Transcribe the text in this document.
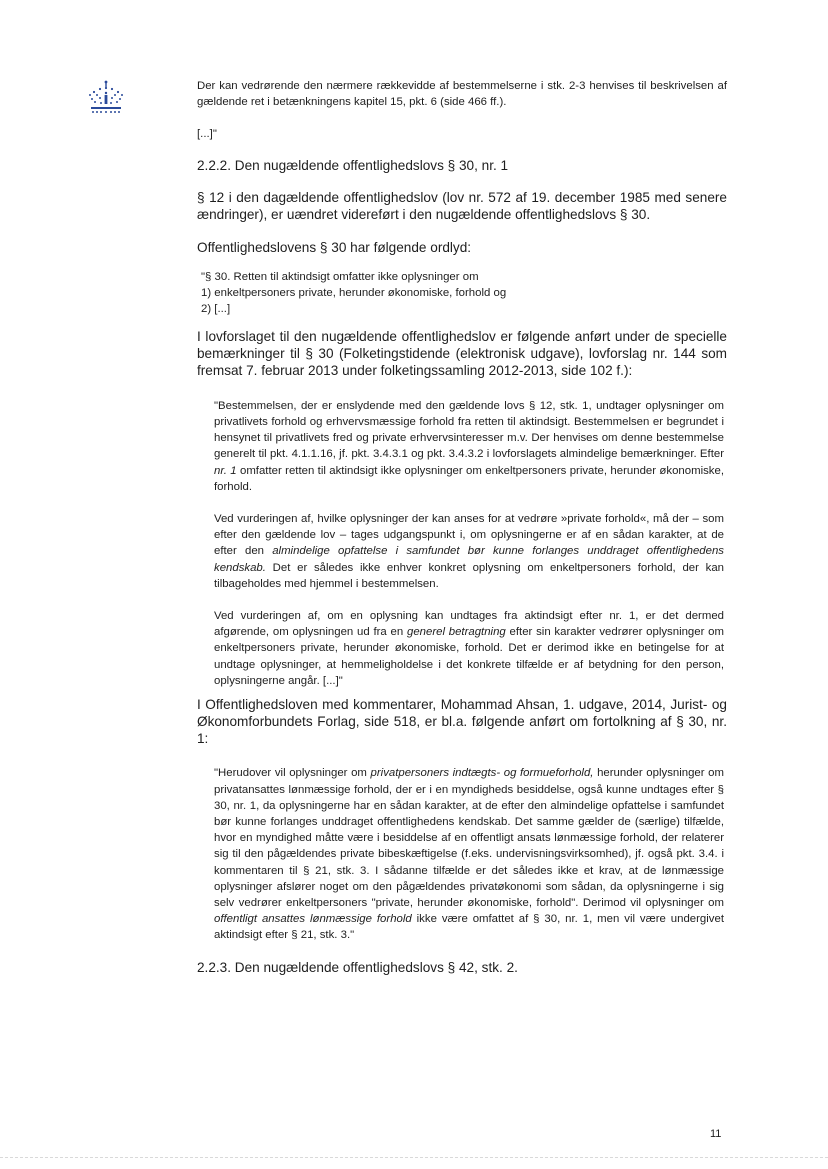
Der kan vedrørende den nærmere rækkevidde af bestemmelserne i stk. 2-3 henvises til beskrivelsen af gældende ret i betænkningens kapitel 15, pkt. 6 (side 466 ff.).

[...]"

2.2.2. Den nugældende offentlighedslovs § 30, nr. 1

§ 12 i den dagældende offentlighedslov (lov nr. 572 af 19. december 1985 med senere ændringer), er uændret videreført i den nugældende offentlighedslovs § 30.

Offentlighedslovens § 30 har følgende ordlyd:

"§ 30. Retten til aktindsigt omfatter ikke oplysninger om

1) enkeltpersoners private, herunder økonomiske, forhold og

2) [...]

I lovforslaget til den nugældende offentlighedslov er følgende anført under de specielle bemærkninger til § 30 (Folketingstidende (elektronisk udgave), lovforslag nr. 144 som fremsat 7. februar 2013 under folketingssamling 2012-2013, side 102 f.):

"Bestemmelsen, der er enslydende med den gældende lovs § 12, stk. 1, undtager oplysninger om privatlivets forhold og erhvervsmæssige forhold fra retten til aktindsigt. Bestemmelsen er begrundet i hensynet til privatlivets fred og private erhvervsinteresser m.v. Der henvises om denne bestemmelse generelt til pkt. 4.1.1.16, jf. pkt. 3.4.3.1 og pkt. 3.4.3.2 i lovforslagets almindelige bemærkninger. Efter nr. 1 omfatter retten til aktindsigt ikke oplysninger om enkeltpersoners private, herunder økonomiske, forhold.

Ved vurderingen af, hvilke oplysninger der kan anses for at vedrøre »private forhold«, må der – som efter den gældende lov – tages udgangspunkt i, om oplysningerne er af en sådan karakter, at de efter den almindelige opfattelse i samfundet bør kunne forlanges unddraget offentlighedens kendskab. Det er således ikke enhver konkret oplysning om enkeltpersoners forhold, der kan tilbageholdes med hjemmel i bestemmelsen.

Ved vurderingen af, om en oplysning kan undtages fra aktindsigt efter nr. 1, er det dermed afgørende, om oplysningen ud fra en generel betragtning efter sin karakter vedrører oplysninger om enkeltpersoners private, herunder økonomiske, forhold. Det er derimod ikke en betingelse for at undtage oplysninger, at hemmeligholdelse i det konkrete tilfælde er af betydning for den person, oplysningerne angår. [...]"

I Offentlighedsloven med kommentarer, Mohammad Ahsan, 1. udgave, 2014, Jurist- og Økonomforbundets Forlag, side 518, er bl.a. følgende anført om fortolkning af § 30, nr. 1:

"Herudover vil oplysninger om privatpersoners indtægts- og formueforhold, herunder oplysninger om privatansattes lønmæssige forhold, der er i en myndigheds besiddelse, også kunne undtages efter § 30, nr. 1, da oplysningerne har en sådan karakter, at de efter den almindelige opfattelse i samfundet bør kunne forlanges unddraget offentlighedens kendskab. Det samme gælder de (særlige) tilfælde, hvor en myndighed måtte være i besiddelse af en offentligt ansats lønmæssige forhold, der relaterer sig til den pågældendes private bibeskæftigelse (f.eks. undervisningsvirksomhed), jf. også pkt. 3.4. i kommentaren til § 21, stk. 3. I sådanne tilfælde er det således ikke et krav, at de lønmæssige oplysninger afslører noget om den pågældendes privatøkonomi som sådan, da oplysningerne i sig selv vedrører enkeltpersoners "private, herunder økonomiske, forhold". Derimod vil oplysninger om offentligt ansattes lønmæssige forhold ikke være omfattet af § 30, nr. 1, men vil være undergivet aktindsigt efter § 21, stk. 3."

2.2.3. Den nugældende offentlighedslovs § 42, stk. 2.

11
